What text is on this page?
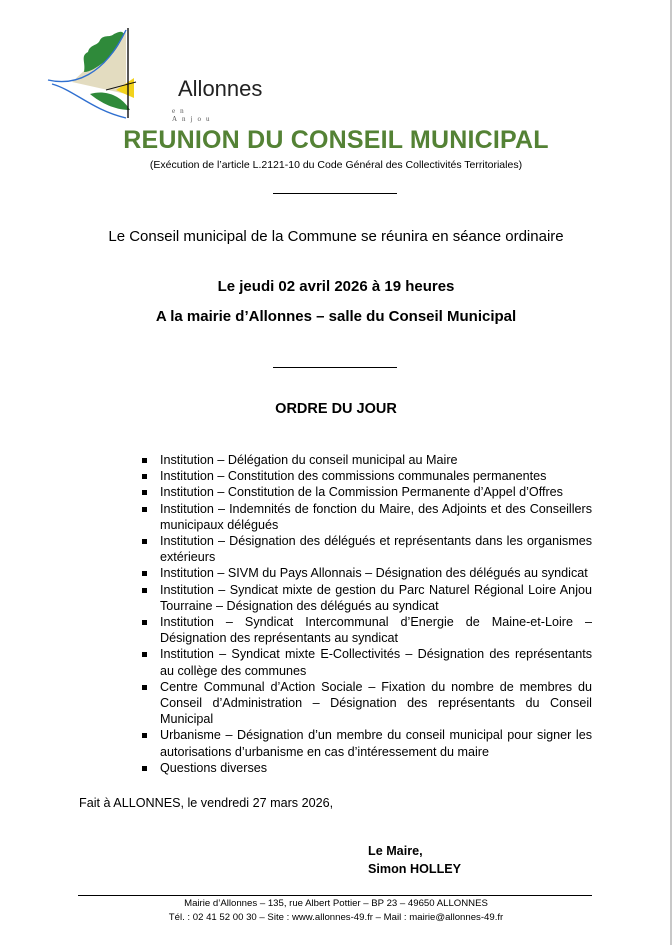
Allonnes
en Anjou
REUNION DU CONSEIL MUNICIPAL
(Exécution de l’article L.2121-10 du Code Général des Collectivités Territoriales)
Le Conseil municipal de la Commune se réunira en séance ordinaire
Le jeudi 02 avril 2026 à 19 heures
A la mairie d’Allonnes – salle du Conseil Municipal
ORDRE DU JOUR
Institution – Délégation du conseil municipal au Maire
Institution – Constitution des commissions communales permanentes
Institution – Constitution de la Commission Permanente d’Appel d’Offres
Institution – Indemnités de fonction du Maire, des Adjoints et des Conseillers municipaux délégués
Institution – Désignation des délégués et représentants dans les organismes extérieurs
Institution – SIVM du Pays Allonnais – Désignation des délégués au syndicat
Institution – Syndicat mixte de gestion du Parc Naturel Régional Loire Anjou Tourraine – Désignation des délégués au syndicat
Institution – Syndicat Intercommunal d’Energie de Maine-et-Loire – Désignation des représentants au syndicat
Institution – Syndicat mixte E-Collectivités – Désignation des représentants au collège des communes
Centre Communal d’Action Sociale – Fixation du nombre de membres du Conseil d’Administration – Désignation des représentants du Conseil Municipal
Urbanisme – Désignation d’un membre du conseil municipal pour signer les autorisations d’urbanisme en cas d’intéressement du maire
Questions diverses
Fait à ALLONNES, le vendredi 27 mars 2026,
Le Maire,
Simon HOLLEY
Mairie d’Allonnes – 135, rue Albert Pottier – BP 23 – 49650 ALLONNES
Tél. : 02 41 52 00 30 – Site : www.allonnes-49.fr – Mail : mairie@allonnes-49.fr
